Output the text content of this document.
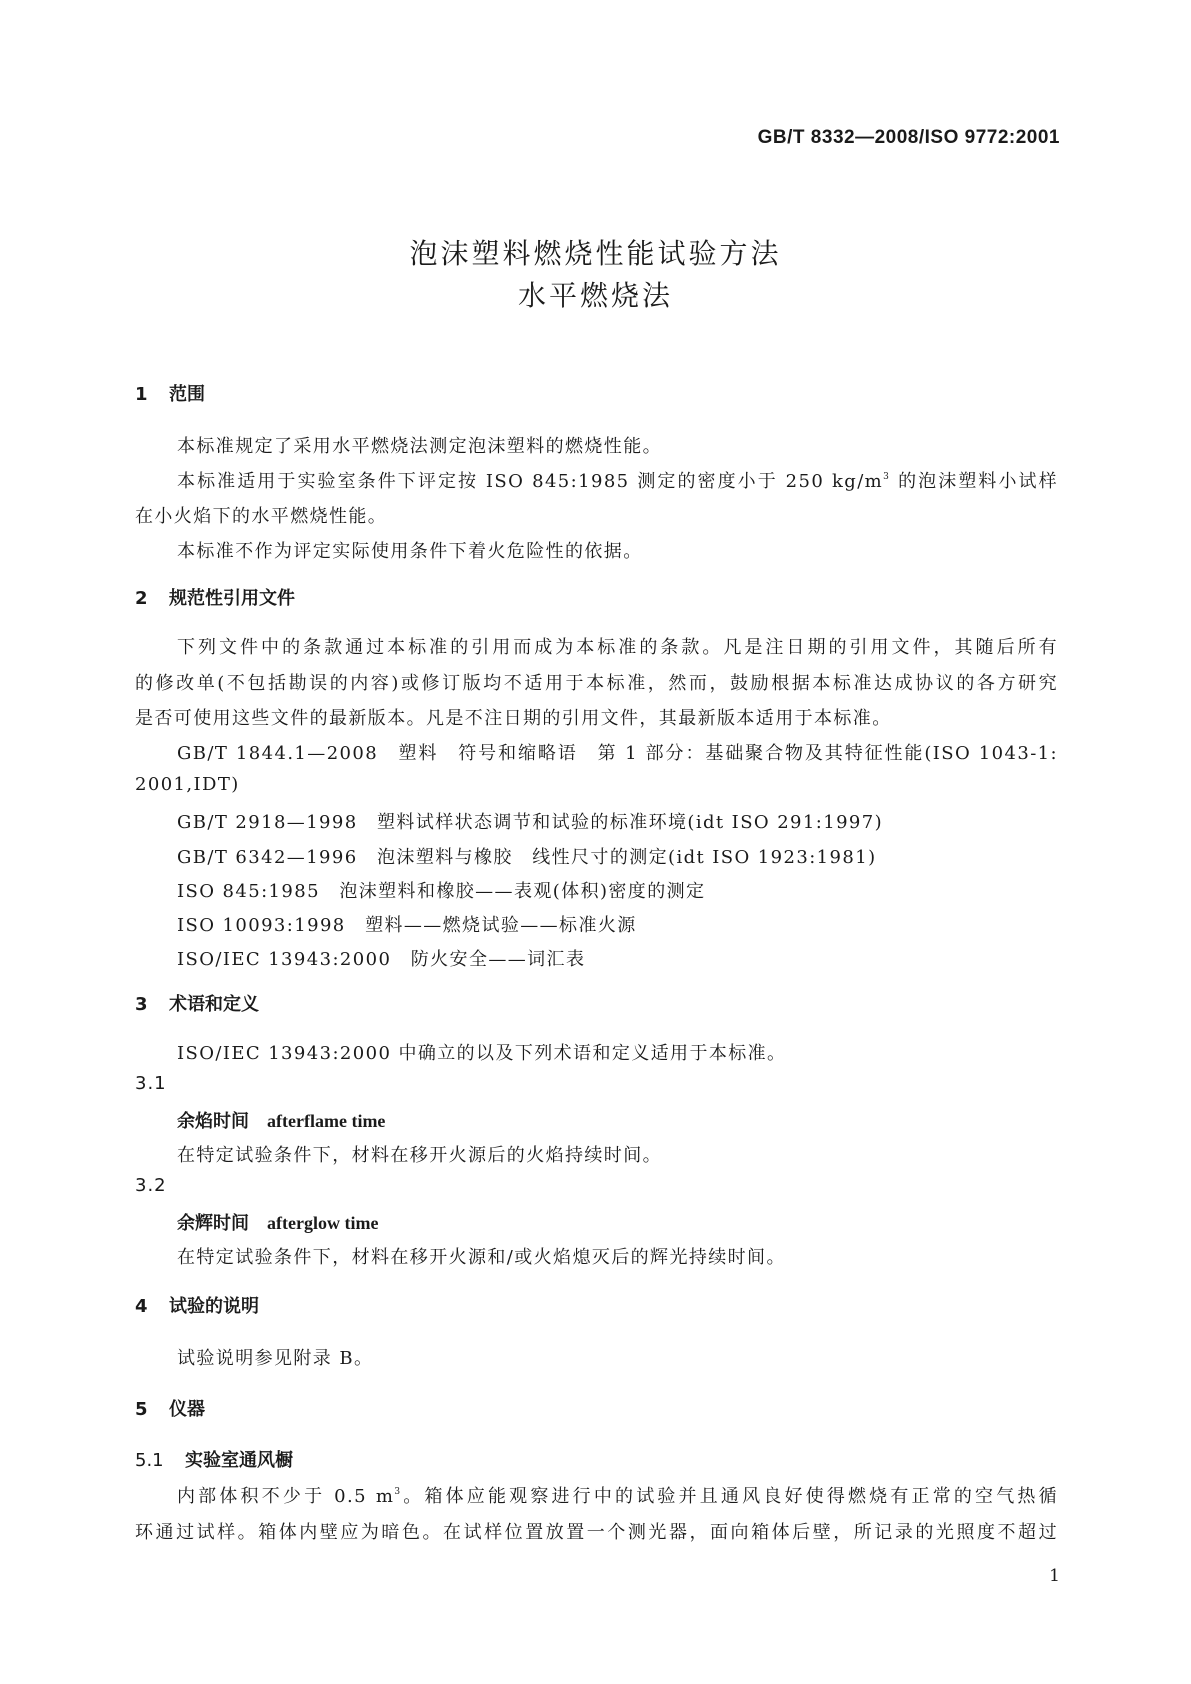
GB/T 8332—2008/ISO 9772:2001
泡沫塑料燃烧性能试验方法
水平燃烧法
1 范围
本标准规定了采用水平燃烧法测定泡沫塑料的燃烧性能。
本标准适用于实验室条件下评定按 ISO 845:1985 测定的密度小于 250 $kg/m^3$ 的泡沫塑料小试样
在小火焰下的水平燃烧性能。
本标准不作为评定实际使用条件下着火危险性的依据。
2 规范性引用文件
下列文件中的条款通过本标准的引用而成为本标准的条款。凡是注日期的引用文件，其随后所有
的修改单(不包括勘误的内容)或修订版均不适用于本标准，然而，鼓励根据本标准达成协议的各方研究
是否可使用这些文件的最新版本。凡是不注日期的引用文件，其最新版本适用于本标准。
GB/T 1844.1—2008　 塑料　符号和缩略语　第 1 部分：基础聚合物及其特征性能(ISO 1043-1:
2001,IDT)
GB/T 2918—1998　 塑料试样状态调节和试验的标准环境(idt ISO 291:1997)
GB/T 6342—1996　 泡沫塑料与橡胶　线性尺寸的测定(idt ISO 1923:1981)
ISO 845:1985　 泡沫塑料和橡胶——表观(体积)密度的测定
ISO 10093:1998　 塑料——燃烧试验——标准火源
ISO/IEC 13943:2000　 防火安全——词汇表
3 术语和定义
ISO/IEC 13943:2000 中确立的以及下列术语和定义适用于本标准。
3.1
余焰时间 afterflame time
在特定试验条件下，材料在移开火源后的火焰持续时间。
3.2
余辉时间 afterglow time
在特定试验条件下，材料在移开火源和/或火焰熄灭后的辉光持续时间。
4 试验的说明
试验说明参见附录 B。
5 仪器
5.1 实验室通风橱
内部体积不少于 0.5 $m^3$。箱体应能观察进行中的试验并且通风良好使得燃烧有正常的空气热循
环通过试样。箱体内壁应为暗色。在试样位置放置一个测光器，面向箱体后壁，所记录的光照度不超过
1
